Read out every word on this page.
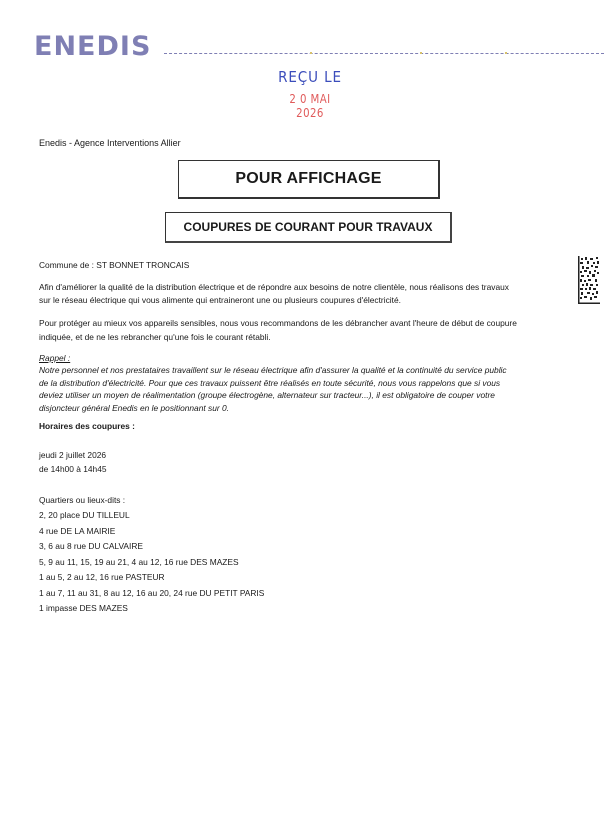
ENEDIS
REÇU LE
2 0 MAI 2026
Enedis - Agence Interventions Allier
POUR AFFICHAGE
COUPURES DE COURANT POUR TRAVAUX
Commune de : ST BONNET TRONCAIS
Afin d'améliorer la qualité de la distribution électrique et de répondre aux besoins de notre clientèle, nous réalisons des travaux
sur le réseau électrique qui vous alimente qui entraineront une ou plusieurs coupures d'électricité.
Pour protéger au mieux vos appareils sensibles, nous vous recommandons de les débrancher avant l'heure de début de coupure
indiquée, et de ne les rebrancher qu'une fois le courant rétabli.
Rappel :
Notre personnel et nos prestataires travaillent sur le réseau électrique afin d'assurer la qualité et la continuité du service public
de la distribution d'électricité. Pour que ces travaux puissent être réalisés en toute sécurité, nous vous rappelons que si vous
deviez utiliser un moyen de réalimentation (groupe électrogène, alternateur sur tracteur...), il est obligatoire de couper votre
disjoncteur général Enedis en le positionnant sur 0.
Horaires des coupures :
jeudi 2 juillet 2026
de 14h00 à 14h45
Quartiers ou lieux-dits :
2, 20 place DU TILLEUL
4 rue DE LA MAIRIE
3, 6 au 8 rue DU CALVAIRE
5, 9 au 11, 15, 19 au 21, 4 au 12, 16 rue DES MAZES
1 au 5, 2 au 12, 16 rue PASTEUR
1 au 7, 11 au 31, 8 au 12, 16 au 20, 24 rue DU PETIT PARIS
1 impasse DES MAZES
